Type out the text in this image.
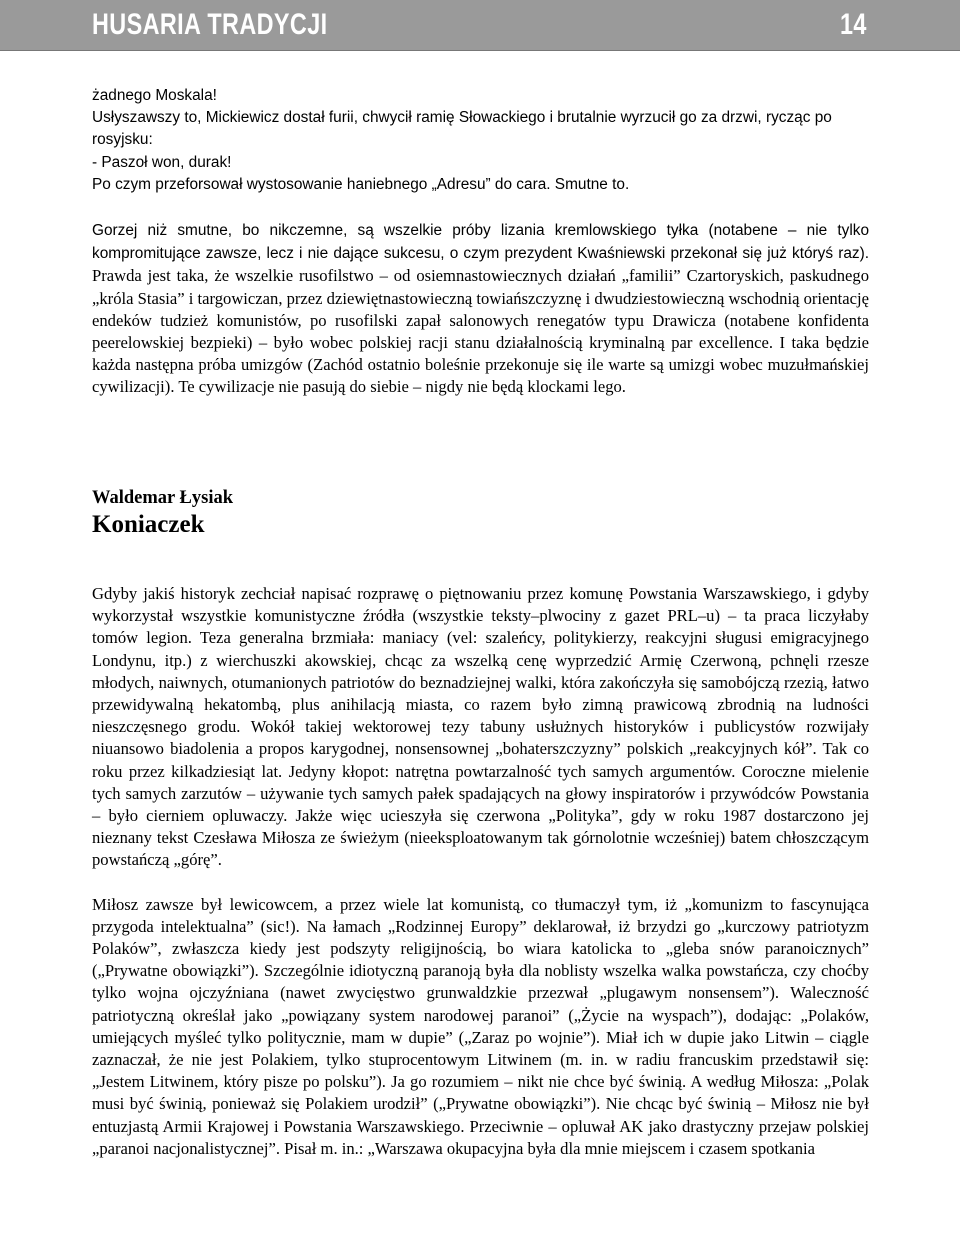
HUSARIA TRADYCJI	14

żadnego Moskala!

Usłyszawszy to, Mickiewicz dostał furii, chwycił ramię Słowackiego i brutalnie wyrzucił go za drzwi, rycząc po rosyjsku:

- Paszoł won, durak!

Po czym przeforsował wystosowanie haniebnego „Adresu” do cara. Smutne to.

Gorzej niż smutne, bo nikczemne, są wszelkie próby lizania kremlowskiego tyłka (notabene – nie tylko kompromitujące zawsze, lecz i nie dające sukcesu, o czym prezydent Kwaśniewski przekonał się już któryś raz). Prawda jest taka, że wszelkie rusofilstwo – od osiemnastowiecznych działań „familii” Czartoryskich, paskudnego „króla Stasia” i targowiczan, przez dziewiętnastowieczną towiańszczyznę i dwudziestowieczną wschodnią orientację endeków tudzież komunistów, po rusofilski zapał salonowych renegatów typu Drawicza (notabene konfidenta peerelowskiej bezpieki) – było wobec polskiej racji stanu działalnością kryminalną par excellence. I taka będzie każda następna próba umizgów (Zachód ostatnio boleśnie przekonuje się ile warte są umizgi wobec muzułmańskiej cywilizacji). Te cywilizacje nie pasują do siebie – nigdy nie będą klockami lego.

Waldemar Łysiak
Koniaczek

Gdyby jakiś historyk zechciał napisać rozprawę o piętnowaniu przez komunę Powstania Warszawskiego, i gdyby wykorzystał wszystkie komunistyczne źródła (wszystkie teksty–plwociny z gazet PRL–u) – ta praca liczyłaby tomów legion. Teza generalna brzmiała: maniacy (vel: szaleńcy, politykierzy, reakcyjni sługusi emigracyjnego Londynu, itp.) z wierchuszki akowskiej, chcąc za wszelką cenę wyprzedzić Armię Czerwoną, pchnęli rzesze młodych, naiwnych, otumanionych patriotów do beznadziejnej walki, która zakończyła się samobójczą rzezią, łatwo przewidywalną hekatombą, plus anihilacją miasta, co razem było zimną prawicową zbrodnią na ludności nieszczęsnego grodu. Wokół takiej wektorowej tezy tabuny usłużnych historyków i publicystów rozwijały niuansowo biadolenia a propos karygodnej, nonsensownej „bohaterszczyzny” polskich „reakcyjnych kół”. Tak co roku przez kilkadziesiąt lat. Jedyny kłopot: natrętna powtarzalność tych samych argumentów. Coroczne mielenie tych samych zarzutów – używanie tych samych pałek spadających na głowy inspiratorów i przywódców Powstania – było cierniem opluwaczy. Jakże więc ucieszyła się czerwona „Polityka”, gdy w roku 1987 dostarczono jej nieznany tekst Czesława Miłosza ze świeżym (nieeksploatowanym tak górnolotnie wcześniej) batem chłoszczącym powstańczą „górę”.

Miłosz zawsze był lewicowcem, a przez wiele lat komunistą, co tłumaczył tym, iż „komunizm to fascynująca przygoda intelektualna” (sic!). Na łamach „Rodzinnej Europy” deklarował, iż brzydzi go „kurczowy patriotyzm Polaków”, zwłaszcza kiedy jest podszyty religijnością, bo wiara katolicka to „gleba snów paranoicznych” („Prywatne obowiązki”). Szczególnie idiotyczną paranoją była dla noblisty wszelka walka powstańcza, czy choćby tylko wojna ojczyźniana (nawet zwycięstwo grunwaldzkie przezwał „plugawym nonsensem”). Waleczność patriotyczną określał jako „powiązany system narodowej paranoi” („Życie na wyspach”), dodając: „Polaków, umiejących myśleć tylko politycznie, mam w dupie” („Zaraz po wojnie”). Miał ich w dupie jako Litwin – ciągle zaznaczał, że nie jest Polakiem, tylko stuprocentowym Litwinem (m. in. w radiu francuskim przedstawił się: „Jestem Litwinem, który pisze po polsku”). Ja go rozumiem – nikt nie chce być świnią. A według Miłosza: „Polak musi być świnią, ponieważ się Polakiem urodził” („Prywatne obowiązki”). Nie chcąc być świnią – Miłosz nie był entuzjastą Armii Krajowej i Powstania Warszawskiego. Przeciwnie – opluwał AK jako drastyczny przejaw polskiej „paranoi nacjonalistycznej”. Pisał m. in.: „Warszawa okupacyjna była dla mnie miejscem i czasem spotkania
